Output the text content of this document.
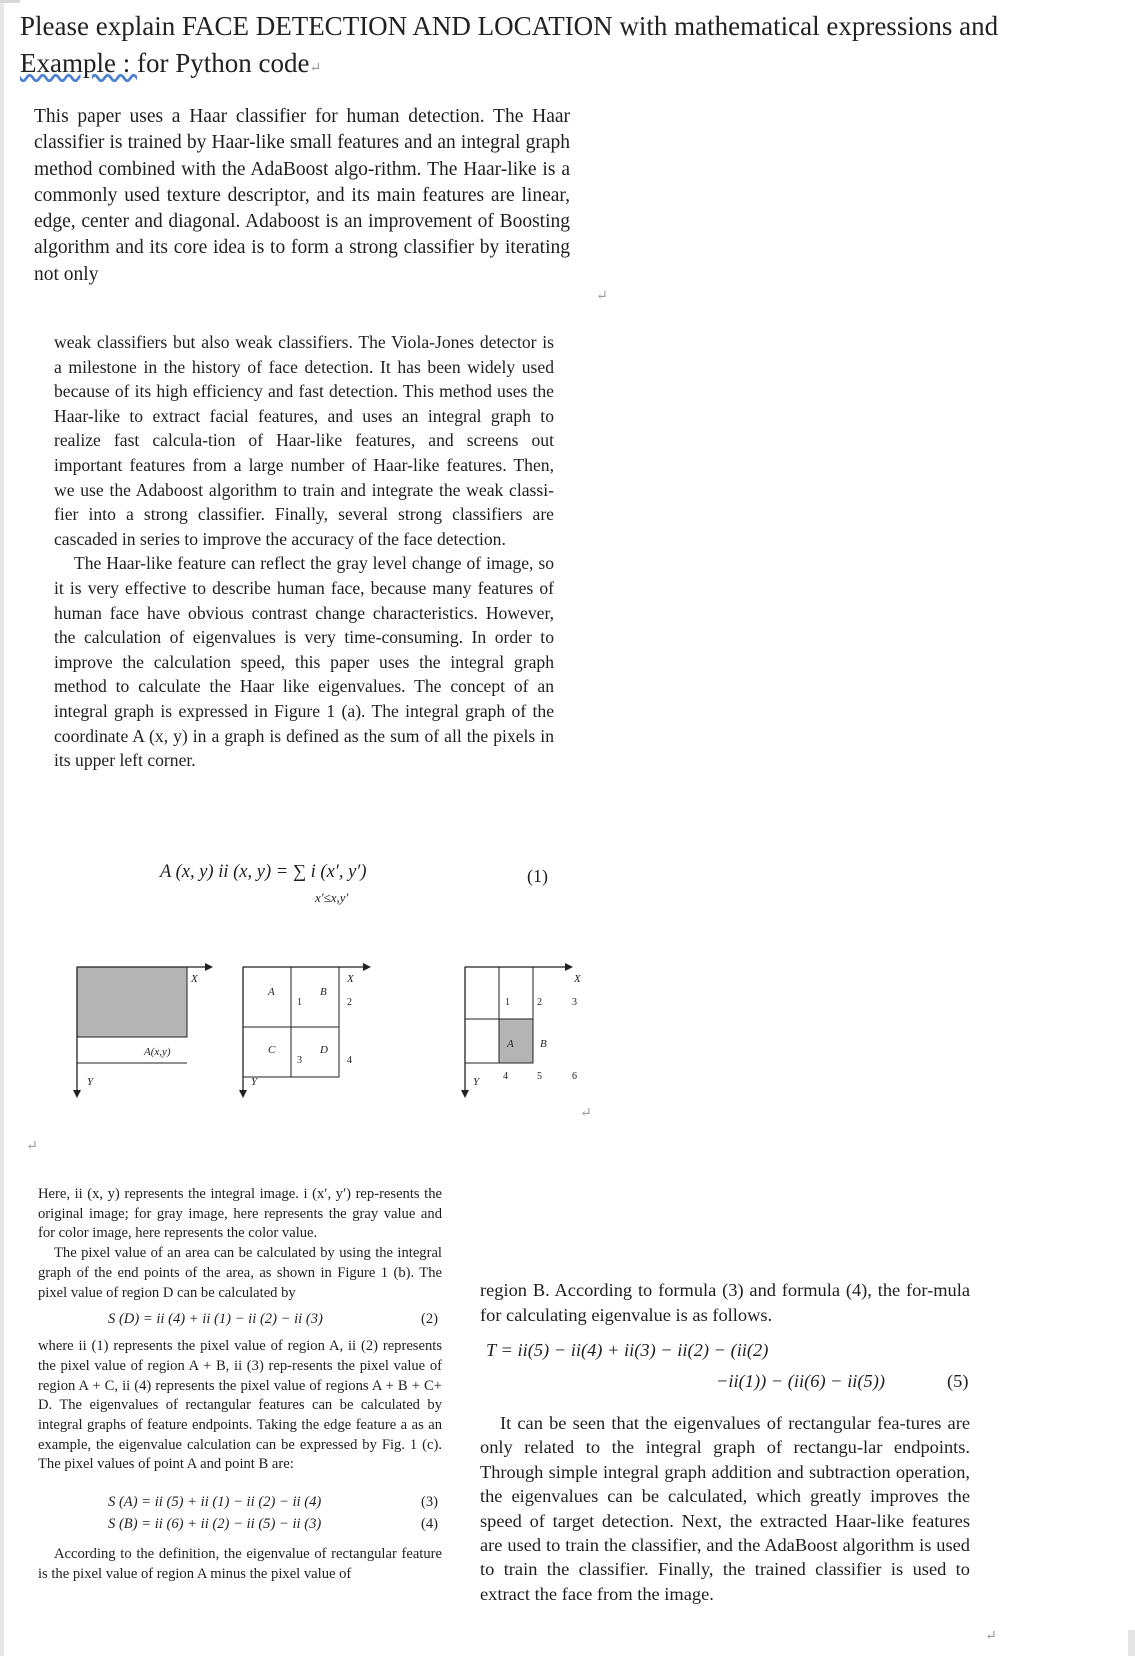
Please explain FACE DETECTION AND LOCATION with mathematical expressions and
Example : for Python code↵
This paper uses a Haar classifier for human detection. The Haar classifier is trained by Haar-like small features and an integral graph method combined with the AdaBoost algo-rithm. The Haar-like is a commonly used texture descriptor, and its main features are linear, edge, center and diagonal. Adaboost is an improvement of Boosting algorithm and its core idea is to form a strong classifier by iterating not only
↵
weak classifiers but also weak classifiers. The Viola-Jones detector is a milestone in the history of face detection. It has been widely used because of its high efficiency and fast detection. This method uses the Haar-like to extract facial features, and uses an integral graph to realize fast calcula-tion of Haar-like features, and screens out important features from a large number of Haar-like features. Then, we use the Adaboost algorithm to train and integrate the weak classi-fier into a strong classifier. Finally, several strong classifiers are cascaded in series to improve the accuracy of the face detection.
The Haar-like feature can reflect the gray level change of image, so it is very effective to describe human face, because many features of human face have obvious contrast change characteristics. However, the calculation of eigenvalues is very time-consuming. In order to improve the calculation speed, this paper uses the integral graph method to calculate the Haar like eigenvalues. The concept of an integral graph is expressed in Figure 1 (a). The integral graph of the coordinate A (x, y) in a graph is defined as the sum of all the pixels in its upper left corner.
A (x, y) ii (x, y) = ∑ i (x′, y′)
x′≤x,y′
(1)
X
Y
A(x,y)
A	B
C	D
1	2
3	4
X
Y
A B
1	2	3
4	5	6
X
Y
↵
↵

Here, ii (x, y) represents the integral image. i (x′, y′) rep-resents the original image; for gray image, here represents the gray value and for color image, here represents the color value.

The pixel value of an area can be calculated by using the integral graph of the end points of the area, as shown in Figure 1 (b). The pixel value of region D can be calculated by

S (D) = ii (4) + ii (1) − ii (2) − ii (3)	(2)

where ii (1) represents the pixel value of region A, ii (2) represents the pixel value of region A + B, ii (3) rep-resents the pixel value of region A + C, ii (4) represents the pixel value of regions A + B + C+ D. The eigenvalues of rectangular features can be calculated by integral graphs of feature endpoints. Taking the edge feature a as an example, the eigenvalue calculation can be expressed by Fig. 1 (c). The pixel values of point A and point B are:

S (A) = ii (5) + ii (1) − ii (2) − ii (4)	(3)
S (B) = ii (6) + ii (2) − ii (5) − ii (3)	(4)

According to the definition, the eigenvalue of rectangular feature is the pixel value of region A minus the pixel value of

region B. According to formula (3) and formula (4), the for-mula for calculating eigenvalue is as follows.

T = ii(5) − ii(4) + ii(3) − ii(2) − (ii(2)
−ii(1)) − (ii(6) − ii(5))	(5)

It can be seen that the eigenvalues of rectangular fea-tures are only related to the integral graph of rectangu-lar endpoints. Through simple integral graph addition and subtraction operation, the eigenvalues can be calculated, which greatly improves the speed of target detection. Next, the extracted Haar-like features are used to train the classifier, and the AdaBoost algorithm is used to train the classifier. Finally, the trained classifier is used to extract the face from the image.

↵
